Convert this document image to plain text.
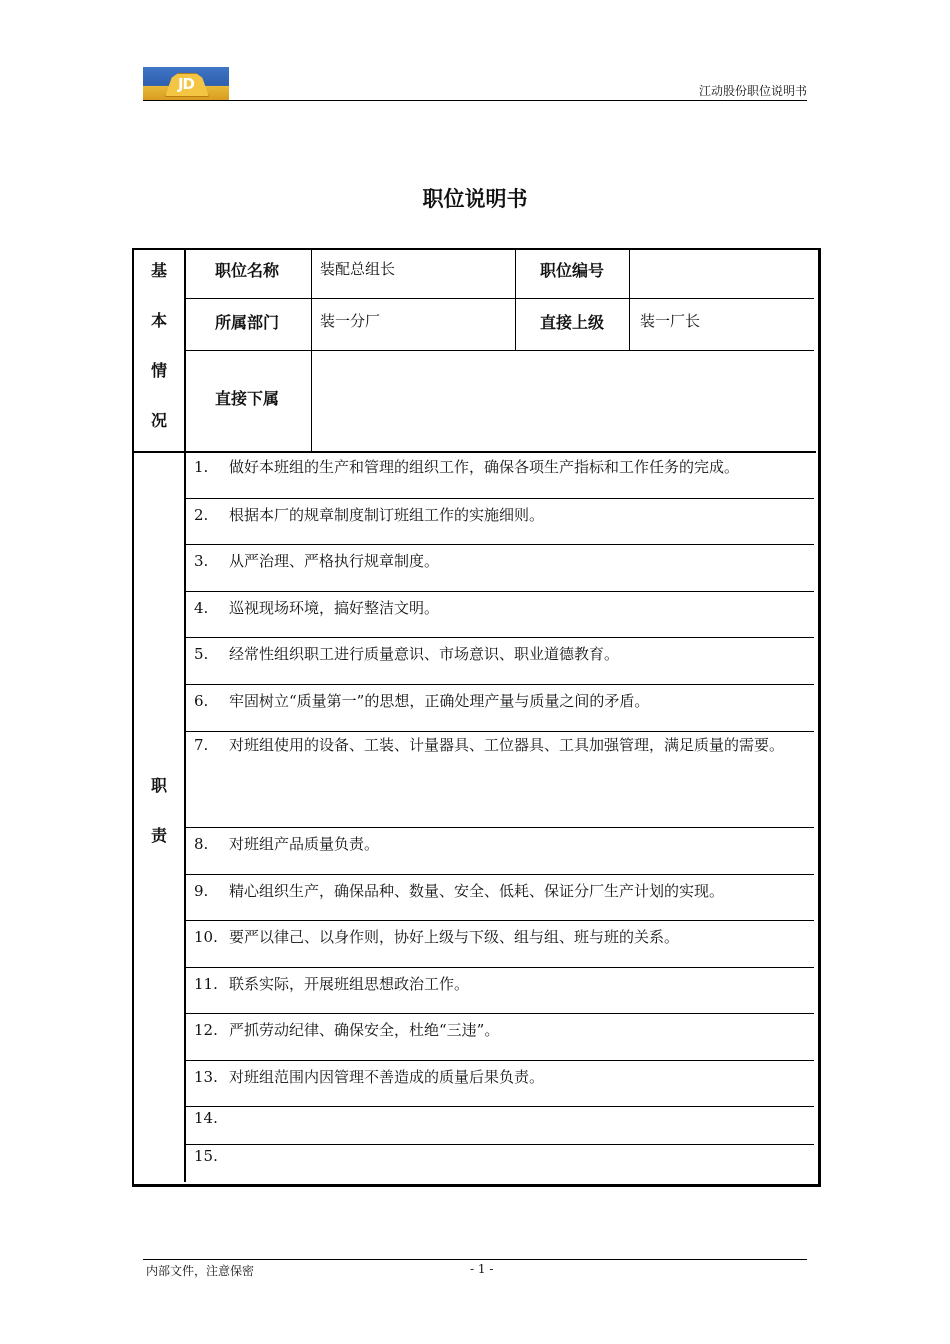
JD	江动股份职位说明书
职位说明书
基
本
情
况
职位名称	装配总组长	职位编号
所属部门	装一分厂	直接上级 装一厂长
直接下属
职
责
1. 做好本班组的生产和管理的组织工作，确保各项生产指标和工作任务的完成。
2. 根据本厂的规章制度制订班组工作的实施细则。
3. 从严治理、严格执行规章制度。
4. 巡视现场环境，搞好整洁文明。
5. 经常性组织职工进行质量意识、市场意识、职业道德教育。
6. 牢固树立“质量第一”的思想，正确处理产量与质量之间的矛盾。
7. 对班组使用的设备、工装、计量器具、工位器具、工具加强管理，满足质量的需要。
8. 对班组产品质量负责。
9. 精心组织生产，确保品种、数量、安全、低耗、保证分厂生产计划的实现。
10. 要严以律己、以身作则，协好上级与下级、组与组、班与班的关系。
11. 联系实际，开展班组思想政治工作。
12. 严抓劳动纪律、确保安全，杜绝“三违”。
13. 对班组范围内因管理不善造成的质量后果负责。
14.
15.
内部文件，注意保密	- 1 -
